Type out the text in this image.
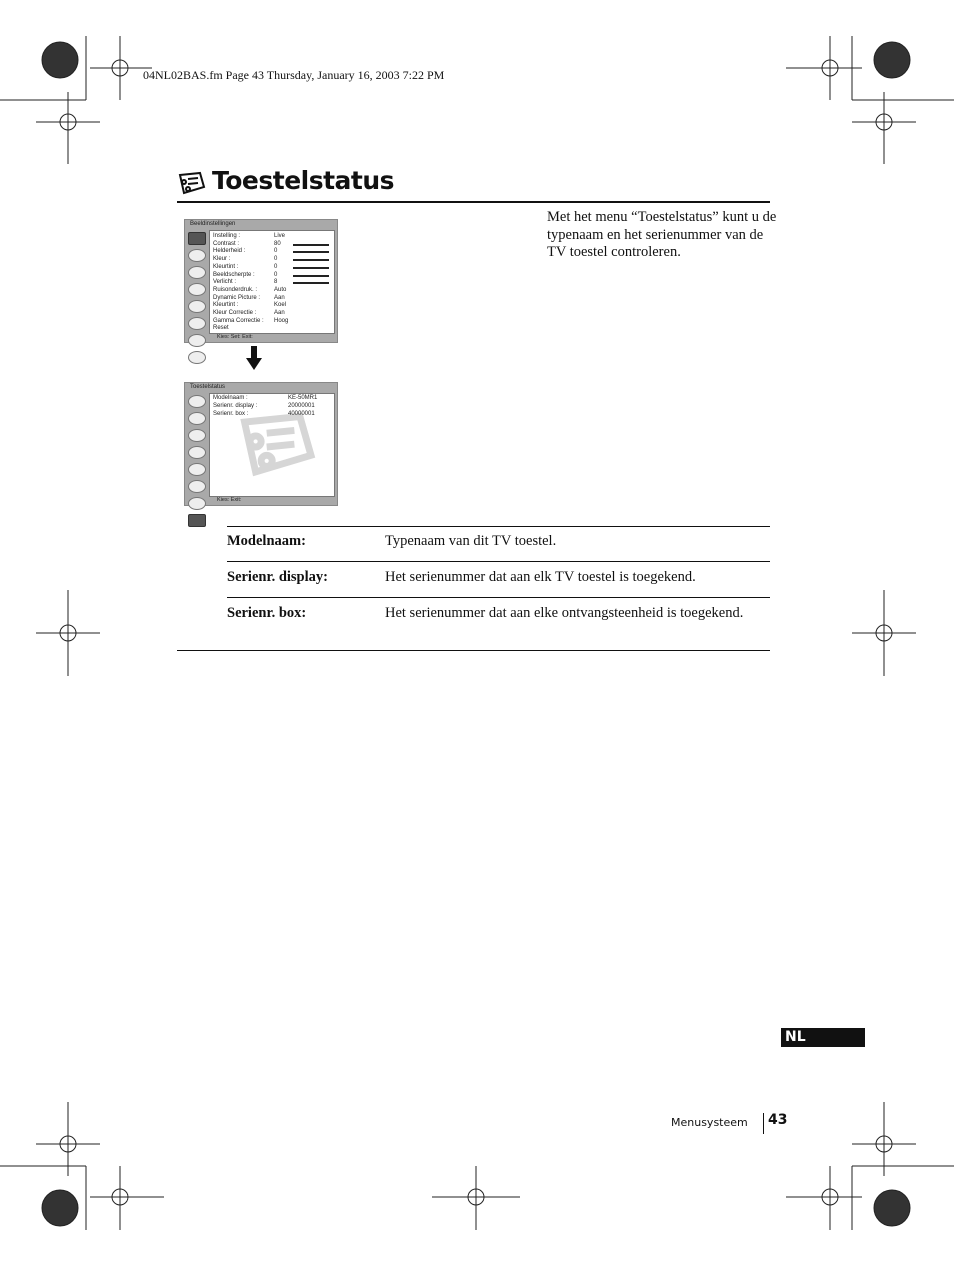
04NL02BAS.fm Page 43 Thursday, January 16, 2003 7:22 PM
Toestelstatus
Met het menu “Toestelstatus” kunt u de typenaam en het serienummer van de TV toestel controleren.
Beeldinstellingen
Instelling :	Live
Contrast :	80
Helderheid :	0
Kleur :	0
Kleurtint :	0
Beeldscherpte :	0
Verlicht :	8
Ruisonderdruk. :	Auto
Dynamic Picture : Aan
Kleurtint :	Koel
Kleur Correctie :	Aan
Gamma Correctie : Hoog
Reset
Kies: Set: Exit:
Toestelstatus
Modelnaam :	KE-50MR1
Serienr. display :	20000001
Serienr. box :	40000001
Kies: Exit:
Modelnaam:	Typenaam van dit TV toestel.
Serienr. display:	Het serienummer dat aan elk TV toestel is toegekend.
Serienr. box:	Het serienummer dat aan elke ontvangsteenheid is toegekend.
NL
Menusysteem 43
